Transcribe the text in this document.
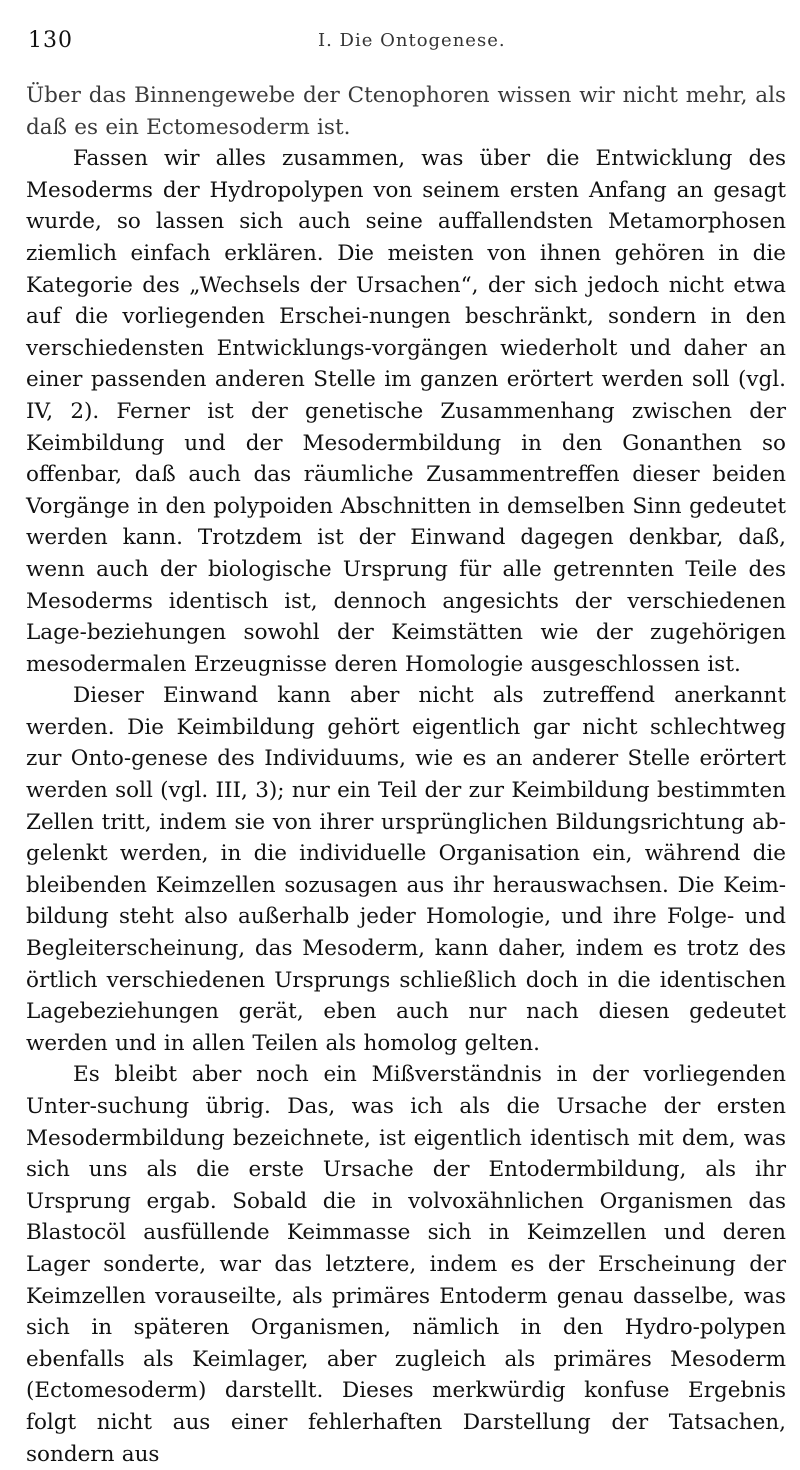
130	I. Die Ontogenese.

Über das Binnengewebe der Ctenophoren wissen wir nicht mehr, als daß es ein Ectomesoderm ist.

Fassen wir alles zusammen, was über die Entwicklung des Mesoderms der Hydropolypen von seinem ersten Anfang an gesagt wurde, so lassen sich auch seine auffallendsten Metamorphosen ziemlich einfach erklären. Die meisten von ihnen gehören in die Kategorie des „Wechsels der Ursachen“, der sich jedoch nicht etwa auf die vorliegenden Erschei-nungen beschränkt, sondern in den verschiedensten Entwicklungs-vorgängen wiederholt und daher an einer passenden anderen Stelle im ganzen erörtert werden soll (vgl. IV, 2). Ferner ist der genetische Zusammenhang zwischen der Keimbildung und der Mesodermbildung in den Gonanthen so offenbar, daß auch das räumliche Zusammentreffen dieser beiden Vorgänge in den polypoiden Abschnitten in demselben Sinn gedeutet werden kann. Trotzdem ist der Einwand dagegen denkbar, daß, wenn auch der biologische Ursprung für alle getrennten Teile des Mesoderms identisch ist, dennoch angesichts der verschiedenen Lage-beziehungen sowohl der Keimstätten wie der zugehörigen mesodermalen Erzeugnisse deren Homologie ausgeschlossen ist.

Dieser Einwand kann aber nicht als zutreffend anerkannt werden. Die Keimbildung gehört eigentlich gar nicht schlechtweg zur Onto-genese des Individuums, wie es an anderer Stelle erörtert werden soll (vgl. III, 3); nur ein Teil der zur Keimbildung bestimmten Zellen tritt, indem sie von ihrer ursprünglichen Bildungsrichtung ab-gelenkt werden, in die individuelle Organisation ein, während die bleibenden Keimzellen sozusagen aus ihr herauswachsen. Die Keim-bildung steht also außerhalb jeder Homologie, und ihre Folge- und Begleiterscheinung, das Mesoderm, kann daher, indem es trotz des örtlich verschiedenen Ursprungs schließlich doch in die identischen Lagebeziehungen gerät, eben auch nur nach diesen gedeutet werden und in allen Teilen als homolog gelten.

Es bleibt aber noch ein Mißverständnis in der vorliegenden Unter-suchung übrig. Das, was ich als die Ursache der ersten Mesodermbildung bezeichnete, ist eigentlich identisch mit dem, was sich uns als die erste Ursache der Entodermbildung, als ihr Ursprung ergab. Sobald die in volvoxähnlichen Organismen das Blastocöl ausfüllende Keimmasse sich in Keimzellen und deren Lager sonderte, war das letztere, indem es der Erscheinung der Keimzellen vorauseilte, als primäres Entoderm genau dasselbe, was sich in späteren Organismen, nämlich in den Hydro-polypen ebenfalls als Keimlager, aber zugleich als primäres Mesoderm (Ectomesoderm) darstellt. Dieses merkwürdig konfuse Ergebnis folgt nicht aus einer fehlerhaften Darstellung der Tatsachen, sondern aus
